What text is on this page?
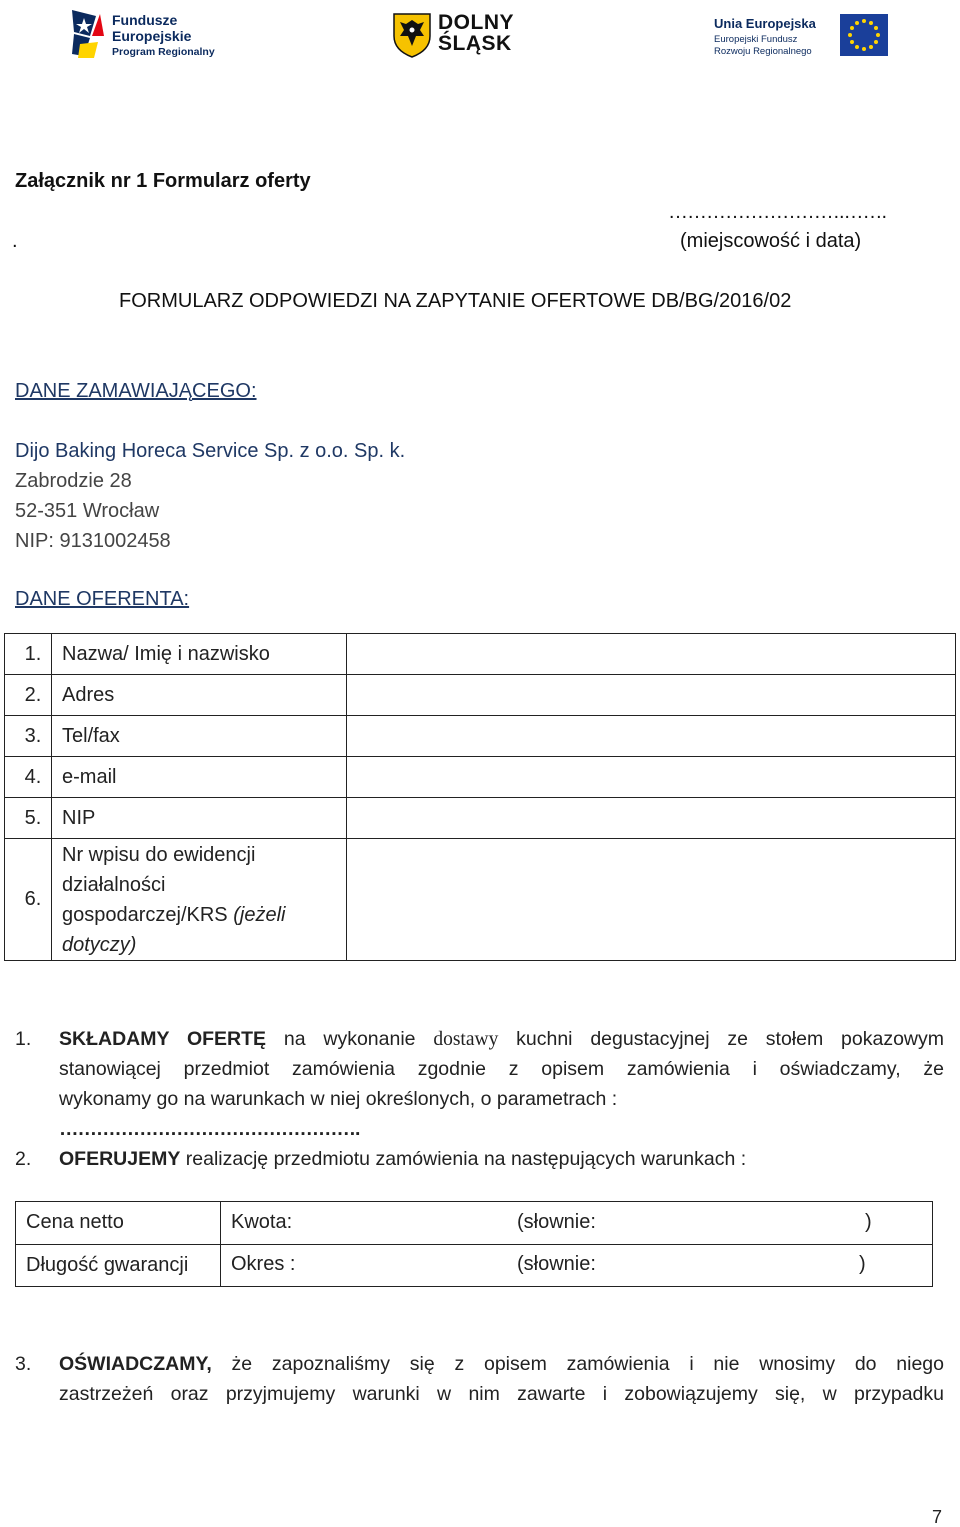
Fundusze
Europejskie
Program Regionalny
DOLNY
ŚLĄSK
Unia Europejska
Europejski Fundusz
Rozwoju Regionalnego
Załącznik nr 1 Formularz oferty
……………………….…….
.	(miejscowość i data)
FORMULARZ ODPOWIEDZI NA ZAPYTANIE OFERTOWE DB/BG/2016/02
DANE ZAMAWIAJĄCEGO:
Dijo Baking Horeca Service Sp. z o.o. Sp. k.
Zabrodzie 28
52-351 Wrocław
NIP: 9131002458
DANE OFERENTA:
1.	Nazwa/ Imię i nazwisko	
2.	Adres	
3.	Tel/fax	
4.	e-mail	
5.	NIP	
6.	Nr wpisu do ewidencji
działalności
gospodarczej/KRS (jeżeli
dotyczy)	

1. SKŁADAMY OFERTĘ na wykonanie dostawy kuchni degustacyjnej ze stołem pokazowym
stanowiącej przedmiot zamówienia zgodnie z opisem zamówienia i oświadczamy, że
wykonamy go na warunkach w niej określonych, o parametrach :
………………………………………….
2. OFERUJEMY realizację przedmiotu zamówienia na następujących warunkach :
Cena netto	Kwota: (słownie: )

Długość gwarancji	Okres : (słownie: )
3. OŚWIADCZAMY, że zapoznaliśmy się z opisem zamówienia i nie wnosimy do niego
zastrzeżeń oraz przyjmujemy warunki w nim zawarte i zobowiązujemy się, w przypadku
7
